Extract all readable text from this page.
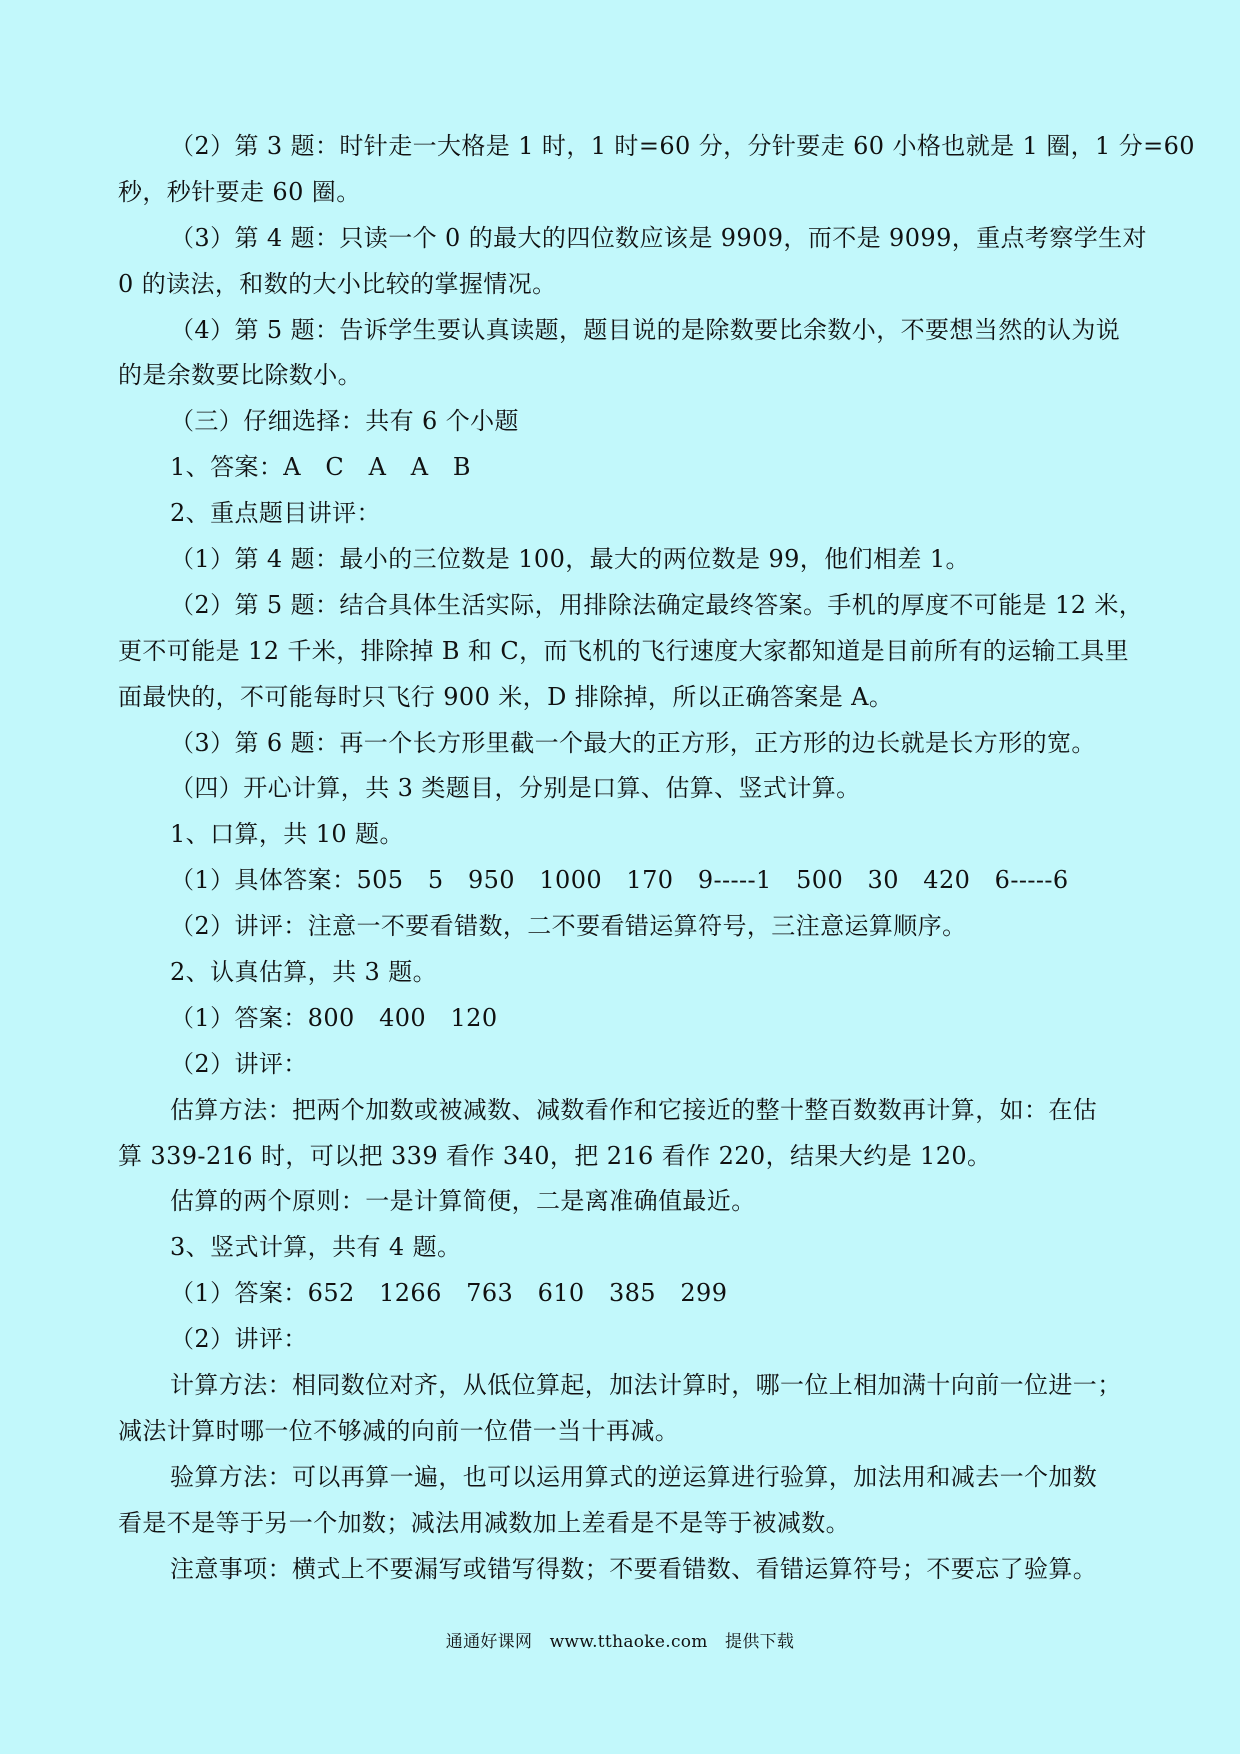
（2）第 3 题：时针走一大格是 1 时，1 时=60 分，分针要走 60 小格也就是 1 圈，1 分=60
秒，秒针要走 60 圈。
（3）第 4 题：只读一个 0 的最大的四位数应该是 9909，而不是 9099，重点考察学生对
0 的读法，和数的大小比较的掌握情况。
（4）第 5 题：告诉学生要认真读题，题目说的是除数要比余数小，不要想当然的认为说
的是余数要比除数小。
（三）仔细选择：共有 6 个小题
1、答案：A　C　A　A　B
2、重点题目讲评：
（1）第 4 题：最小的三位数是 100，最大的两位数是 99，他们相差 1。
（2）第 5 题：结合具体生活实际，用排除法确定最终答案。手机的厚度不可能是 12 米，
更不可能是 12 千米，排除掉 B 和 C，而飞机的飞行速度大家都知道是目前所有的运输工具里
面最快的，不可能每时只飞行 900 米，D 排除掉，所以正确答案是 A。
（3）第 6 题：再一个长方形里截一个最大的正方形，正方形的边长就是长方形的宽。
（四）开心计算，共 3 类题目，分别是口算、估算、竖式计算。
1、口算，共 10 题。
（1）具体答案：505　5　950　1000　170　9-----1　500　30　420　6-----6
（2）讲评：注意一不要看错数，二不要看错运算符号，三注意运算顺序。
2、认真估算，共 3 题。
（1）答案：800　400　120
（2）讲评：
估算方法：把两个加数或被减数、减数看作和它接近的整十整百数数再计算，如：在估
算 339-216 时，可以把 339 看作 340，把 216 看作 220，结果大约是 120。
估算的两个原则：一是计算简便，二是离准确值最近。
3、竖式计算，共有 4 题。
（1）答案：652　1266　763　610　385　299
（2）讲评：
计算方法：相同数位对齐，从低位算起，加法计算时，哪一位上相加满十向前一位进一；
减法计算时哪一位不够减的向前一位借一当十再减。
验算方法：可以再算一遍，也可以运用算式的逆运算进行验算，加法用和减去一个加数
看是不是等于另一个加数；减法用减数加上差看是不是等于被减数。
注意事项：横式上不要漏写或错写得数；不要看错数、看错运算符号；不要忘了验算。
通通好课网　www.tthaoke.com　提供下载
